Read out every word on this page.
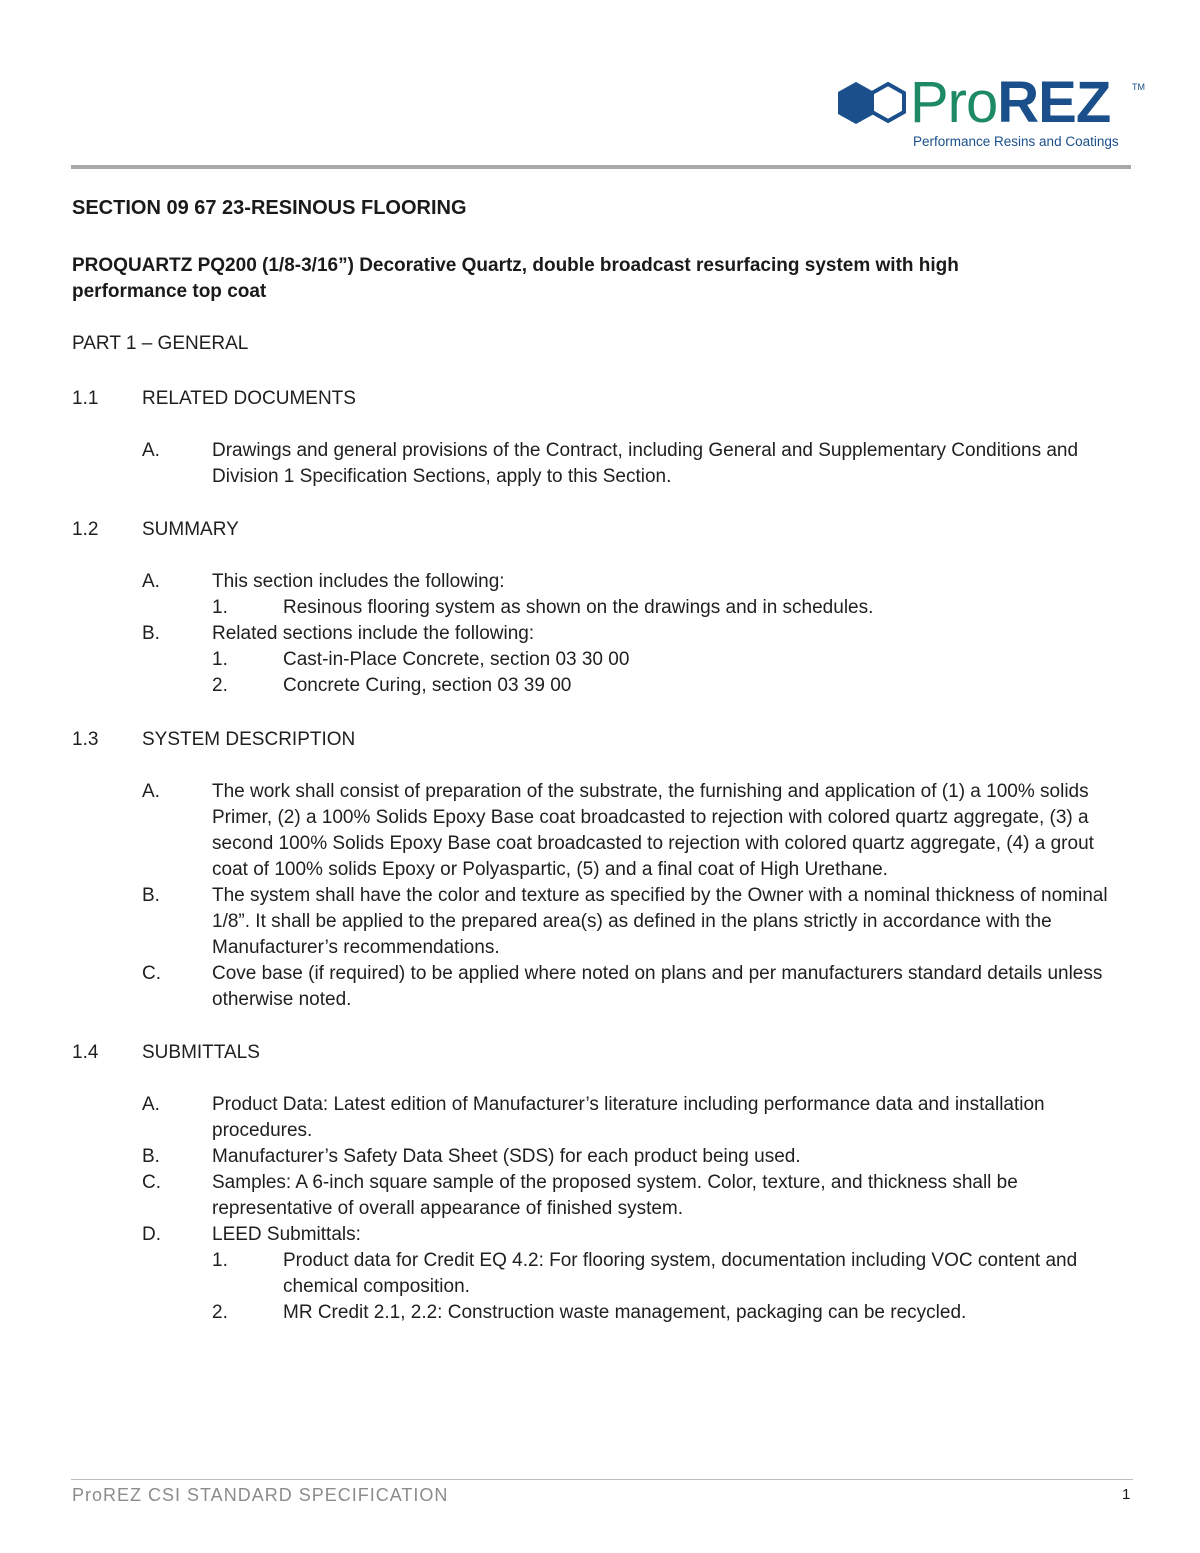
ProREZ TM
Performance Resins and Coatings
SECTION 09 67 23-RESINOUS FLOORING
PROQUARTZ PQ200 (1/8-3/16”) Decorative Quartz, double broadcast resurfacing system with high performance top coat
PART 1 – GENERAL
1.1 RELATED DOCUMENTS
A.	Drawings and general provisions of the Contract, including General and Supplementary Conditions and Division 1 Specification Sections, apply to this Section.
1.2 SUMMARY
A.	This section includes the following:
1.	Resinous flooring system as shown on the drawings and in schedules.
B.	Related sections include the following:
1.	Cast-in-Place Concrete, section 03 30 00
2.	Concrete Curing, section 03 39 00
1.3 SYSTEM DESCRIPTION
A.	The work shall consist of preparation of the substrate, the furnishing and application of (1) a 100% solids Primer, (2) a 100% Solids Epoxy Base coat broadcasted to rejection with colored quartz aggregate, (3) a second 100% Solids Epoxy Base coat broadcasted to rejection with colored quartz aggregate, (4) a grout coat of 100% solids Epoxy or Polyaspartic, (5) and a final coat of High Urethane.
B.	The system shall have the color and texture as specified by the Owner with a nominal thickness of nominal 1/8”. It shall be applied to the prepared area(s) as defined in the plans strictly in accordance with the Manufacturer’s recommendations.
C.	Cove base (if required) to be applied where noted on plans and per manufacturers standard details unless otherwise noted.
1.4 SUBMITTALS
A.	Product Data: Latest edition of Manufacturer’s literature including performance data and installation procedures.
B.	Manufacturer’s Safety Data Sheet (SDS) for each product being used.
C.	Samples: A 6-inch square sample of the proposed system. Color, texture, and thickness shall be representative of overall appearance of finished system.
D.	LEED Submittals:
1.	Product data for Credit EQ 4.2: For flooring system, documentation including VOC content and chemical composition.
2.	MR Credit 2.1, 2.2: Construction waste management, packaging can be recycled.
ProREZ CSI STANDARD SPECIFICATION	1
